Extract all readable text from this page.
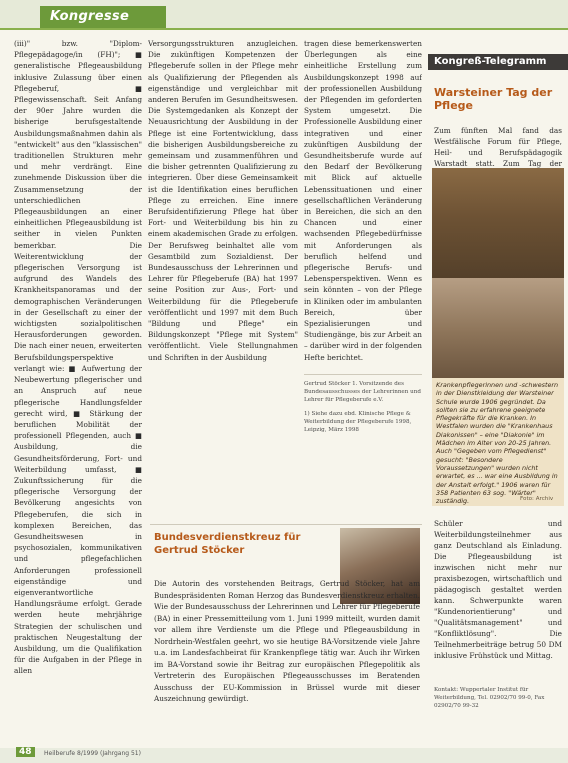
Kongresse

(iii)" bzw. "Diplom-Pflegepädagoge/in (FH)"; ■ generalistische Pflegeausbildung inklusive Zulassung über einen Pflegeberuf, ■ Pflegewissenschaft. Seit Anfang der 90er Jahre wurden die bisherige berufsgestaltende Ausbildungsmaßnahmen dahin als "entwickelt" aus den "klassischen" traditionellen Strukturen mehr und mehr verdrängt. Eine zunehmende Diskussion über die Zusammensetzung der unterschiedlichen Pflegeausbildungen an einer einheitlichen Pflegeausbildung ist seither in vielen Punkten bemerkbar. Die Weiterentwicklung der pflegerischen Versorgung ist aufgrund des Wandels des Krankheitspanoramas und der demographischen Veränderungen in der Gesellschaft zu einer der wichtigsten sozialpolitischen Herausforderungen geworden. Die nach einer neuen, erweiterten Berufsbildungsperspektive verlangt wie: ■ Aufwertung der Neubewertung pflegerischer und an Anspruch auf neue pflegerische Handlungsfelder gerecht wird, ■ Stärkung der beruflichen Mobilität der professionell Pflegenden, auch ■ Ausbildung, die Gesundheitsförderung, Fort- und Weiterbildung umfasst, ■ Zukunftssicherung für die pflegerische Versorgung der Bevölkerung angesichts von Pflegeberufen, die sich in komplexen Bereichen, das Gesundheitswesen in psychosozialen, kommunikativen und pflegefachlichen Anforderungen professionell eigenständige und eigenverantwortliche Handlungsräume erfolgt. Gerade werden heute mehrjährige Strategien der schulischen und praktischen Neugestaltung der Ausbildung, um die Qualifikation für die Aufgaben in der Pflege in allen

Versorgungsstrukturen anzugleichen. Die zukünftigen Kompetenzen der Pflegeberufe sollen in der Pflege mehr als Qualifizierung der Pflegenden als eigenständige und vergleichbar mit anderen Berufen im Gesundheitswesen. Die Systemgedanken als Konzept der Neuausrichtung der Ausbildung in der Pflege ist eine Fortentwicklung, dass die bisherigen Ausbildungsbereiche zu gemeinsam und zusammenführen und die bisher getrennten Qualifizierung zu integrieren. Über diese Gemeinsamkeit ist die Identifikation eines beruflichen Pflege zu erreichen. Eine innere Berufsidentifizierung Pflege hat über Fort- und Weiterbildung bis hin zu einem akademischen Grade zu erfolgen. Der Berufsweg beinhaltet alle vom Gesamtbild zum Sozialdienst. Der Bundesausschuss der Lehrerinnen und Lehrer für Pflegeberufe (BA) hat 1997 seine Position zur Aus-, Fort- und Weiterbildung für die Pflegeberufe veröffentlicht und 1997 mit dem Buch "Bildung und Pflege" ein Bildungskonzept "Pflege mit System" veröffentlicht. Viele Stellungnahmen und Schriften in der Ausbildung

tragen diese bemerkenswerten Überlegungen als eine einheitliche Erstellung zum Ausbildungskonzept 1998 auf der professionellen Ausbildung der Pflegenden im geforderten System umgesetzt. Die Professionelle Ausbildung einer integrativen und einer zukünftigen Ausbildung der Gesundheitsberufe wurde auf den Bedarf der Bevölkerung mit Blick auf aktuelle Lebenssituationen und einer gesellschaftlichen Veränderung in Bereichen, die sich an den Chancen und einer wachsenden Pflegebedürfnisse mit Anforderungen als beruflich helfend und pflegerische Berufs- und Lebensperspektiven. Wenn es sein könnten – von der Pflege in Kliniken oder im ambulanten Bereich, über Spezialisierungen und Studiengänge, bis zur Arbeit an – darüber wird in der folgenden Hefte berichtet.

Gertrud Stöcker 1. Vorsitzende des Bundesausschusses der Lehrerinnen und Lehrer für Pflegeberufe e.V.

1) Siehe dazu ebd. Klinische Pflege & Weiterbildung der Pflegeberufe 1998, Leipzig, März 1998

Kongreß-Telegramm
Warsteiner Tag der Pflege
Zum fünften Mal fand das Westfälische Forum für Pflege, Heil- und Berufspädagogik Warstadt statt. Zum Tag der
Krankenpflegerinnen und -schwestern in der Dienstkleidung der Warsteiner Schule wurde 1906 gegründet. Da sollten sie zu erfahrene geeignete Pflegekräfte für die Kranken. In Westfalen wurden die "Krankenhaus Diakonissen" – eine "Diakonie" im Mädchen im Alter von 20-25 Jahren. Auch "Gegeben vom Pflegedienst" gesucht: "Besondere Voraussetzungen" wurden nicht erwartet, es ... war eine Ausbildung in der Anstalt erfolgt." 1906 waren für 358 Patienten 63 sog. "Wärter" zuständig.	Foto: Archiv
Schüler und Weiterbildungsteilnehmer aus ganz Deutschland als Einladung. Die Pflegeausbildung ist inzwischen nicht mehr nur praxisbezogen, wirtschaftlich und pädagogisch gestaltet werden kann. Schwerpunkte waren "Kundenorientierung" und "Qualitätsmanagement" und "Konfliktlösung". Die Teilnehmerbeiträge betrug 50 DM inklusive Frühstück und Mittag.
Kontakt: Wuppertaler Institut für Weiterbildung, Tel. 02902/70 99-0, Fax 02902/70 99-32
Bundesverdienstkreuz für Gertrud Stöcker
Die Autorin des vorstehenden Beitrags, Gertrud Stöcker, hat am Bundespräsidenten Roman Herzog das Bundesverdienstkreuz erhalten. Wie der Bundesausschuss der Lehrerinnen und Lehrer für Pflegeberufe (BA) in einer Pressemitteilung vom 1. Juni 1999 mitteilt, wurden damit vor allem ihre Verdienste um die Pflege und Pflegeausbildung in Nordrhein-Westfalen geehrt, wo sie heutige BA-Vorsitzende viele Jahre u.a. im Landesfachbeirat für Krankenpflege tätig war. Auch ihr Wirken im BA-Vorstand sowie ihr Beitrag zur europäischen Pflegepolitik als Vertreterin des Europäischen Pflegeausschusses im Beratenden Ausschuss der EU-Kommission in Brüssel wurde mit dieser Auszeichnung gewürdigt.
48	Heilberufe 8/1999 (Jahrgang 51)
